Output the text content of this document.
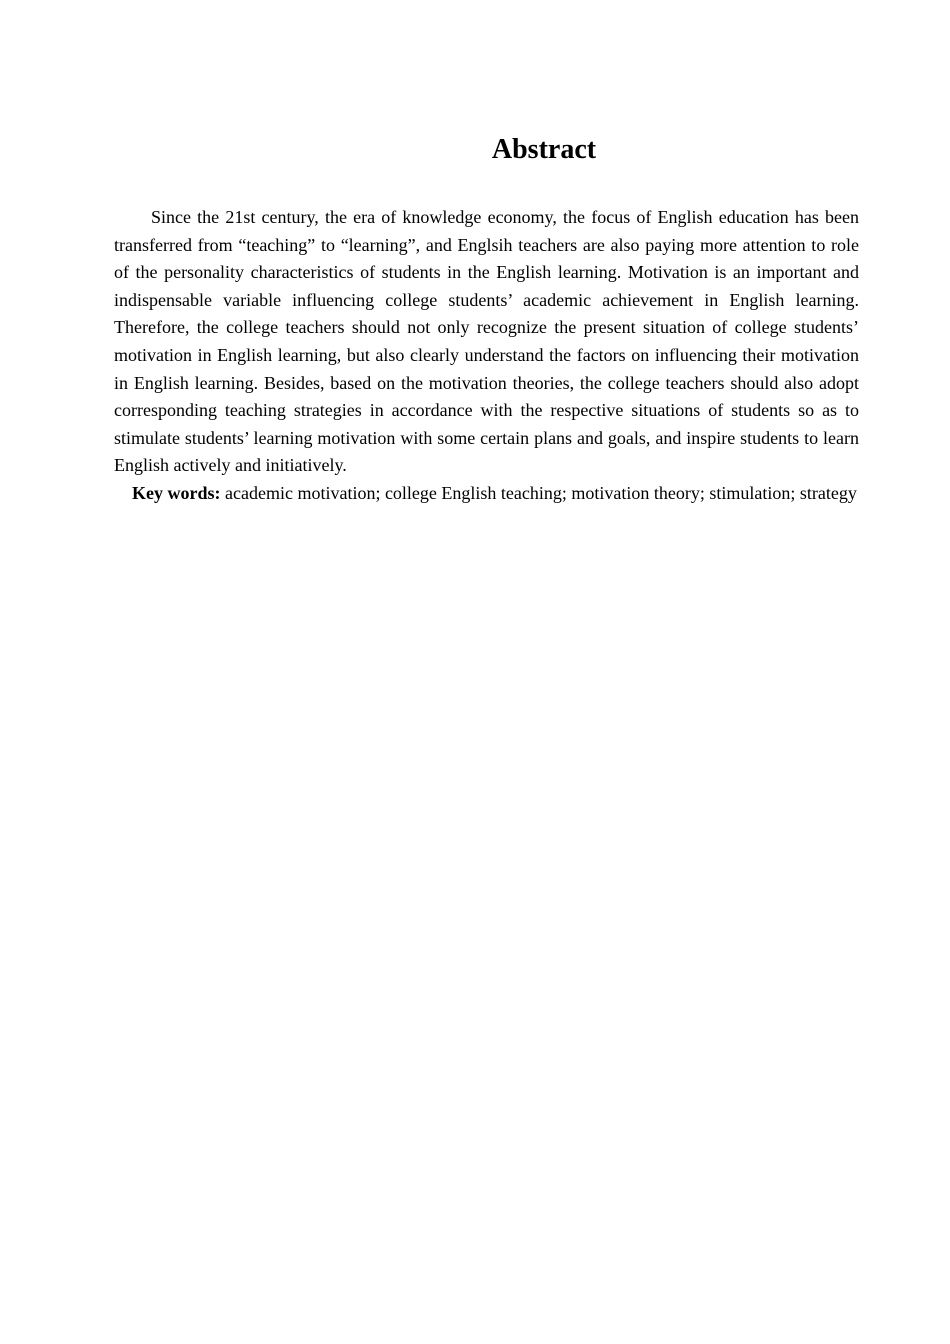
Abstract

Since the 21st century, the era of knowledge economy, the focus of English education has been transferred from “teaching” to “learning”, and Englsih teachers are also paying more attention to role of the personality characteristics of students in the English learning. Motivation is an important and indispensable variable influencing college students’ academic achievement in English learning. Therefore, the college teachers should not only recognize the present situation of college students’ motivation in English learning, but also clearly understand the factors on influencing their motivation in English learning. Besides, based on the motivation theories, the college teachers should also adopt corresponding teaching strategies in accordance with the respective situations of students so as to stimulate students’ learning motivation with some certain plans and goals, and inspire students to learn English actively and initiatively.

Key words: academic motivation; college English teaching; motivation theory; stimulation; strategy
